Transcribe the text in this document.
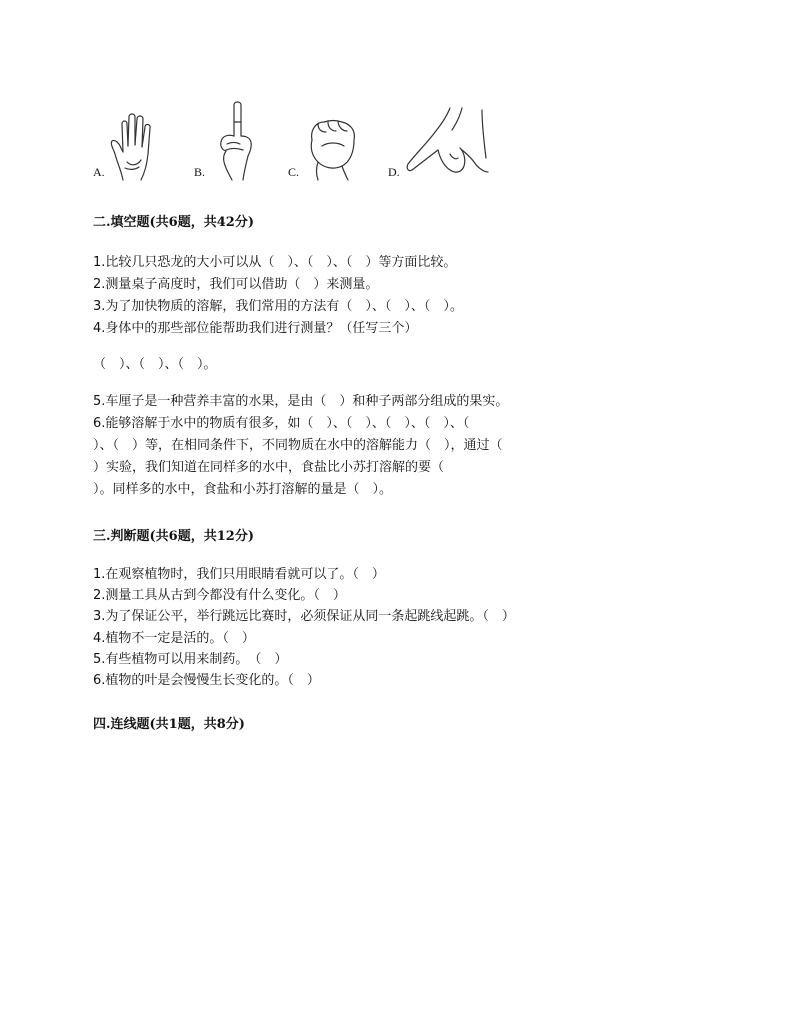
A.	B.	C.	D.
二.填空题(共6题，共42分)
1.比较几只恐龙的大小可以从（　）、（　）、（　）等方面比较。
2.测量桌子高度时，我们可以借助（　）来测量。
3.为了加快物质的溶解，我们常用的方法有（　）、（　）、（　）。
4.身体中的那些部位能帮助我们进行测量？（任写三个）
（　）、（　）、（　）。
5.车厘子是一种营养丰富的水果，是由（　）和种子两部分组成的果实。
6.能够溶解于水中的物质有很多，如（　）、（　）、（　）、（　）、（
）、（　）等，在相同条件下，不同物质在水中的溶解能力（　），通过（
）实验，我们知道在同样多的水中，食盐比小苏打溶解的要（
）。同样多的水中，食盐和小苏打溶解的量是（　）。
三.判断题(共6题，共12分)
1.在观察植物时，我们只用眼睛看就可以了。（　）
2.测量工具从古到今都没有什么变化。（　）
3.为了保证公平，举行跳远比赛时，必须保证从同一条起跳线起跳。（　）
4.植物不一定是活的。（　）
5.有些植物可以用来制药。　（　）
6.植物的叶是会慢慢生长变化的。（　）
四.连线题(共1题，共8分)
